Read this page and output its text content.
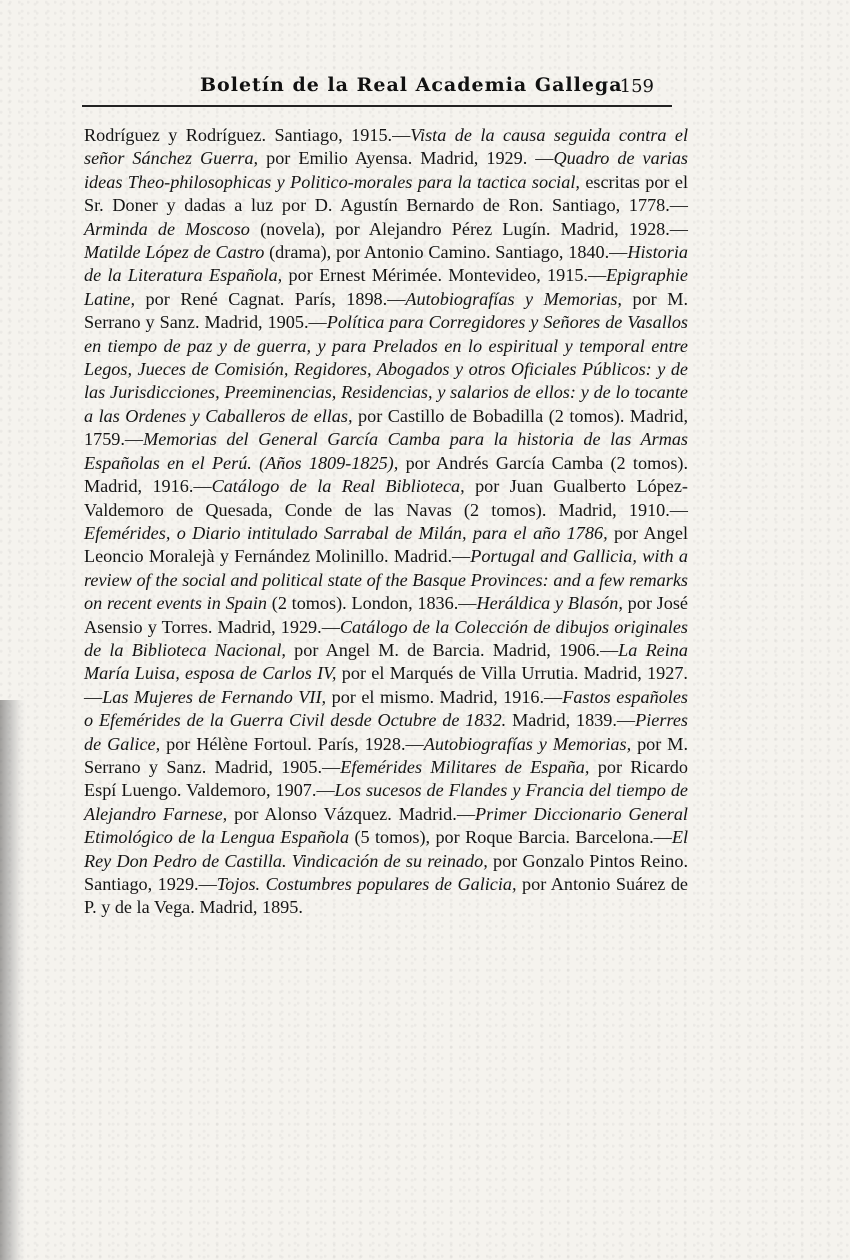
Boletín de la Real Academia Gallega
159

Rodríguez y Rodríguez. Santiago, 1915.—Vista de la causa seguida contra el señor Sánchez Guerra, por Emilio Ayensa. Madrid, 1929. —Quadro de varias ideas Theo-philosophicas y Politico-morales para la tactica social, escritas por el Sr. Doner y dadas a luz por D. Agustín Bernardo de Ron. Santiago, 1778.—Arminda de Moscoso (novela), por Alejandro Pérez Lugín. Madrid, 1928.—Matilde López de Castro (drama), por Antonio Camino. Santiago, 1840.—Historia de la Literatura Española, por Ernest Mérimée. Montevideo, 1915.—Epigraphie Latine, por René Cagnat. París, 1898.—Autobiografías y Memorias, por M. Serrano y Sanz. Madrid, 1905.—Política para Corregidores y Señores de Vasallos en tiempo de paz y de guerra, y para Prelados en lo espiritual y temporal entre Legos, Jueces de Comisión, Regidores, Abogados y otros Oficiales Públicos: y de las Jurisdicciones, Preeminencias, Residencias, y salarios de ellos: y de lo tocante a las Ordenes y Caballeros de ellas, por Castillo de Bobadilla (2 tomos). Madrid, 1759.—Memorias del General García Camba para la historia de las Armas Españolas en el Perú. (Años 1809-1825), por Andrés García Camba (2 tomos). Madrid, 1916.—Catálogo de la Real Biblioteca, por Juan Gualberto López-Valdemoro de Quesada, Conde de las Navas (2 tomos). Madrid, 1910.—Efemérides, o Diario intitulado Sarrabal de Milán, para el año 1786, por Angel Leoncio Moralejà y Fernández Molinillo. Madrid.—Portugal and Gallicia, with a review of the social and political state of the Basque Provinces: and a few remarks on recent events in Spain (2 tomos). London, 1836.—Heráldica y Blasón, por José Asensio y Torres. Madrid, 1929.—Catálogo de la Colección de dibujos originales de la Biblioteca Nacional, por Angel M. de Barcia. Madrid, 1906.—La Reina María Luisa, esposa de Carlos IV, por el Marqués de Villa Urrutia. Madrid, 1927.—Las Mujeres de Fernando VII, por el mismo. Madrid, 1916.—Fastos españoles o Efemérides de la Guerra Civil desde Octubre de 1832. Madrid, 1839.—Pierres de Galice, por Hélène Fortoul. París, 1928.—Autobiografías y Memorias, por M. Serrano y Sanz. Madrid, 1905.—Efemérides Militares de España, por Ricardo Espí Luengo. Valdemoro, 1907.—Los sucesos de Flandes y Francia del tiempo de Alejandro Farnese, por Alonso Vázquez. Madrid.—Primer Diccionario General Etimológico de la Lengua Española (5 tomos), por Roque Barcia. Barcelona.—El Rey Don Pedro de Castilla. Vindicación de su reinado, por Gonzalo Pintos Reino. Santiago, 1929.—Tojos. Costumbres populares de Galicia, por Antonio Suárez de P. y de la Vega. Madrid, 1895.
